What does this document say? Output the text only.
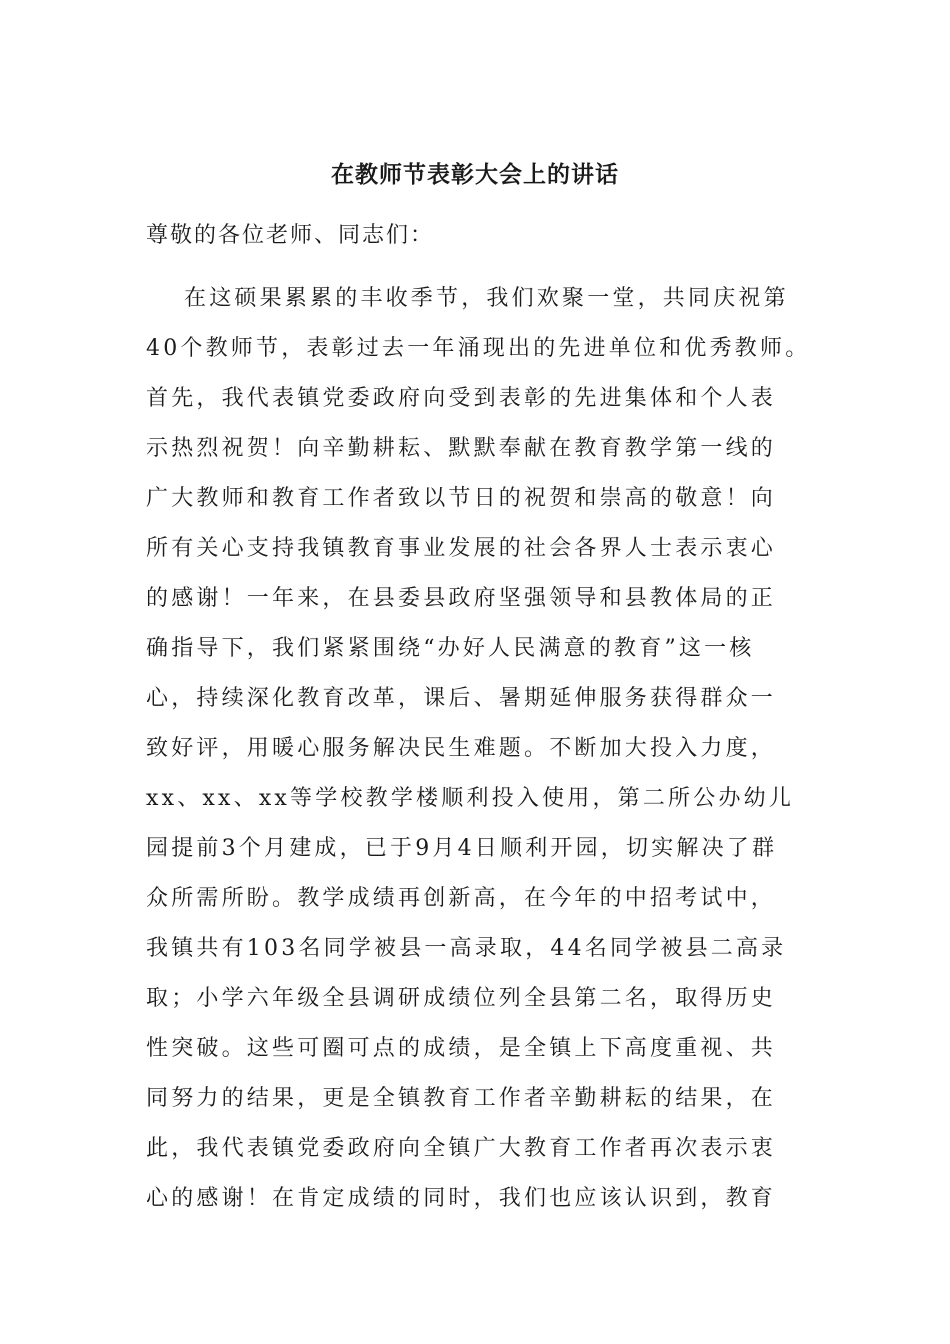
在教师节表彰大会上的讲话

尊敬的各位老师、同志们：

在这硕果累累的丰收季节，我们欢聚一堂，共同庆祝第
40个教师节，表彰过去一年涌现出的先进单位和优秀教师。
首先，我代表镇党委政府向受到表彰的先进集体和个人表
示热烈祝贺！向辛勤耕耘、默默奉献在教育教学第一线的
广大教师和教育工作者致以节日的祝贺和崇高的敬意！向
所有关心支持我镇教育事业发展的社会各界人士表示衷心
的感谢！一年来，在县委县政府坚强领导和县教体局的正
确指导下，我们紧紧围绕“办好人民满意的教育”这一核
心，持续深化教育改革，课后、暑期延伸服务获得群众一
致好评，用暖心服务解决民生难题。不断加大投入力度，
xx、xx、xx等学校教学楼顺利投入使用，第二所公办幼儿
园提前3个月建成，已于9月4日顺利开园，切实解决了群
众所需所盼。教学成绩再创新高，在今年的中招考试中，
我镇共有103名同学被县一高录取，44名同学被县二高录
取；小学六年级全县调研成绩位列全县第二名，取得历史
性突破。这些可圈可点的成绩，是全镇上下高度重视、共
同努力的结果，更是全镇教育工作者辛勤耕耘的结果，在
此，我代表镇党委政府向全镇广大教育工作者再次表示衷
心的感谢！在肯定成绩的同时，我们也应该认识到，教育
